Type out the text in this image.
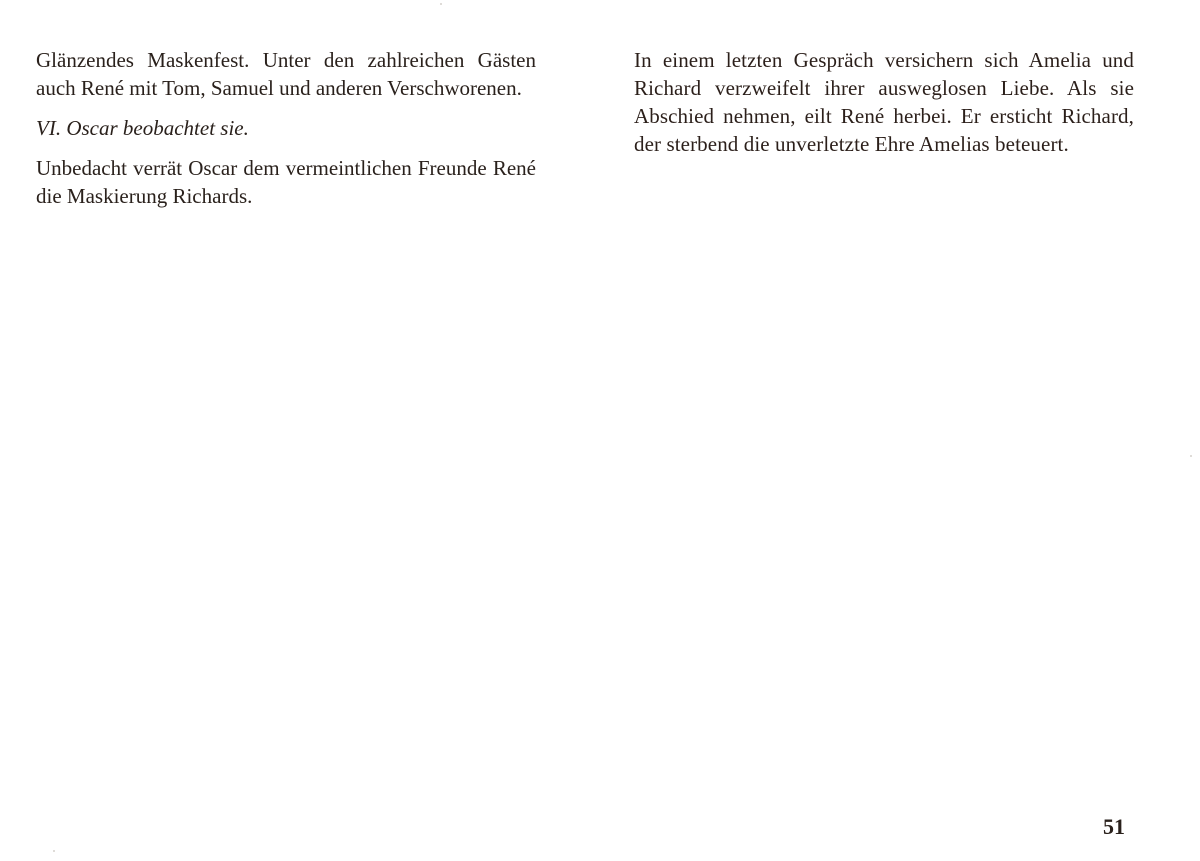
Glänzendes Maskenfest. Unter den zahlreichen Gästen auch René mit Tom, Samuel und anderen Verschworenen.

VI. Oscar beobachtet sie.

Unbedacht verrät Oscar dem vermeintlichen Freunde René die Maskierung Richards.

In einem letzten Gespräch versichern sich Amelia und Richard verzweifelt ihrer ausweglosen Liebe. Als sie Abschied nehmen, eilt René herbei. Er ersticht Richard, der sterbend die unverletzte Ehre Amelias beteuert.

51
